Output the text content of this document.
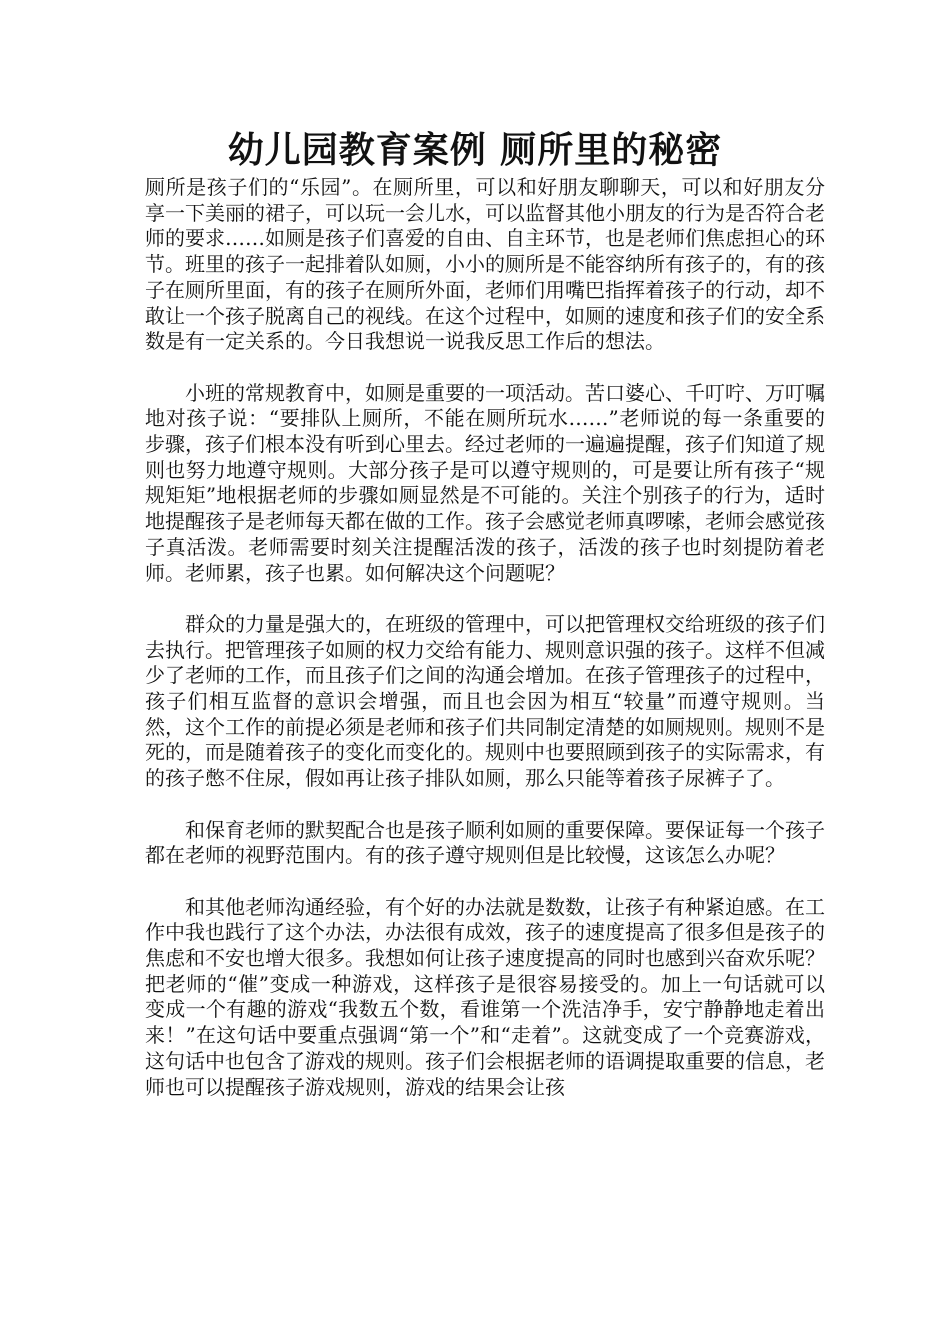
幼儿园教育案例 厕所里的秘密

厕所是孩子们的“乐园”。在厕所里，可以和好朋友聊聊天，可以和好朋友分享一下美丽的裙子，可以玩一会儿水，可以监督其他小朋友的行为是否符合老师的要求……如厕是孩子们喜爱的自由、自主环节，也是老师们焦虑担心的环节。班里的孩子一起排着队如厕，小小的厕所是不能容纳所有孩子的，有的孩子在厕所里面，有的孩子在厕所外面，老师们用嘴巴指挥着孩子的行动，却不敢让一个孩子脱离自己的视线。在这个过程中，如厕的速度和孩子们的安全系数是有一定关系的。今日我想说一说我反思工作后的想法。

小班的常规教育中，如厕是重要的一项活动。苦口婆心、千叮咛、万叮嘱地对孩子说：“要排队上厕所，不能在厕所玩水……”老师说的每一条重要的步骤，孩子们根本没有听到心里去。经过老师的一遍遍提醒，孩子们知道了规则也努力地遵守规则。大部分孩子是可以遵守规则的，可是要让所有孩子“规规矩矩”地根据老师的步骤如厕显然是不可能的。关注个别孩子的行为，适时地提醒孩子是老师每天都在做的工作。孩子会感觉老师真啰嗦，老师会感觉孩子真活泼。老师需要时刻关注提醒活泼的孩子，活泼的孩子也时刻提防着老师。老师累，孩子也累。如何解决这个问题呢？

群众的力量是强大的，在班级的管理中，可以把管理权交给班级的孩子们去执行。把管理孩子如厕的权力交给有能力、规则意识强的孩子。这样不但减少了老师的工作，而且孩子们之间的沟通会增加。在孩子管理孩子的过程中，孩子们相互监督的意识会增强，而且也会因为相互“较量”而遵守规则。当然，这个工作的前提必须是老师和孩子们共同制定清楚的如厕规则。规则不是死的，而是随着孩子的变化而变化的。规则中也要照顾到孩子的实际需求，有的孩子憋不住尿，假如再让孩子排队如厕，那么只能等着孩子尿裤子了。

和保育老师的默契配合也是孩子顺利如厕的重要保障。要保证每一个孩子都在老师的视野范围内。有的孩子遵守规则但是比较慢，这该怎么办呢？

和其他老师沟通经验，有个好的办法就是数数，让孩子有种紧迫感。在工作中我也践行了这个办法，办法很有成效，孩子的速度提高了很多但是孩子的焦虑和不安也增大很多。我想如何让孩子速度提高的同时也感到兴奋欢乐呢？把老师的“催”变成一种游戏，这样孩子是很容易接受的。加上一句话就可以变成一个有趣的游戏“我数五个数，看谁第一个洗洁净手，安宁静静地走着出来！”在这句话中要重点强调“第一个”和“走着”。这就变成了一个竞赛游戏，这句话中也包含了游戏的规则。孩子们会根据老师的语调提取重要的信息，老师也可以提醒孩子游戏规则，游戏的结果会让孩
